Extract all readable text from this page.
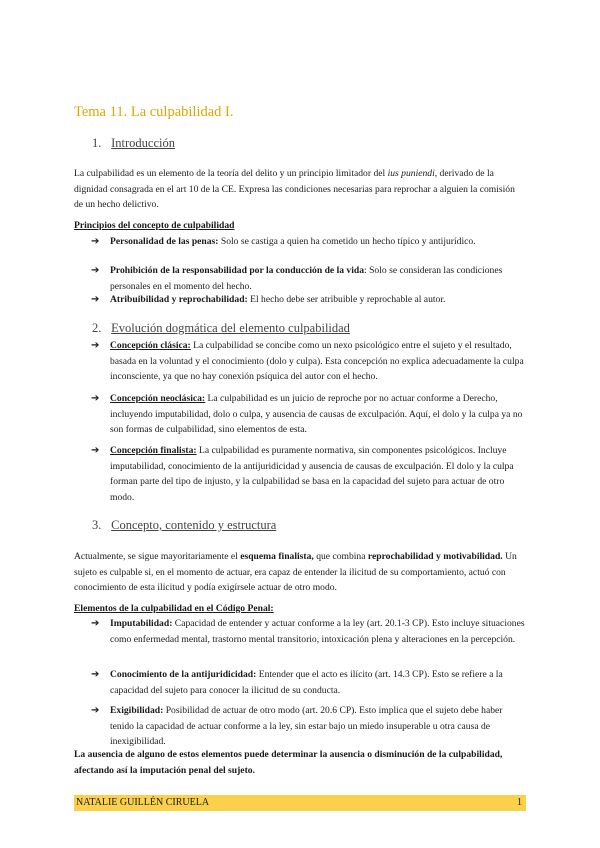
Tema 11. La culpabilidad I.
1. Introducción

La culpabilidad es un elemento de la teoría del delito y un principio limitador del ius puniendi, derivado de la dignidad consagrada en el art 10 de la CE. Expresa las condiciones necesarias para reprochar a alguien la comisión de un hecho delictivo.

Principios del concepto de culpabilidad

➔ Personalidad de las penas: Solo se castiga a quien ha cometido un hecho típico y antijurídico.
➔ Prohibición de la responsabilidad por la conducción de la vida: Solo se consideran las condiciones personales en el momento del hecho.
➔ Atribuibilidad y reprochabilidad: El hecho debe ser atribuible y reprochable al autor.
2. Evolución dogmática del elemento culpabilidad
➔ Concepción clásica: La culpabilidad se concibe como un nexo psicológico entre el sujeto y el resultado, basada en la voluntad y el conocimiento (dolo y culpa). Esta concepción no explica adecuadamente la culpa inconsciente, ya que no hay conexión psíquica del autor con el hecho.
➔ Concepción neoclásica: La culpabilidad es un juicio de reproche por no actuar conforme a Derecho, incluyendo imputabilidad, dolo o culpa, y ausencia de causas de exculpación. Aquí, el dolo y la culpa ya no son formas de culpabilidad, sino elementos de esta.
➔ Concepción finalista: La culpabilidad es puramente normativa, sin componentes psicológicos. Incluye imputabilidad, conocimiento de la antijuridicidad y ausencia de causas de exculpación. El dolo y la culpa forman parte del tipo de injusto, y la culpabilidad se basa en la capacidad del sujeto para actuar de otro modo.
3. Concepto, contenido y estructura

Actualmente, se sigue mayoritariamente el esquema finalista, que combina reprochabilidad y motivabilidad. Un sujeto es culpable si, en el momento de actuar, era capaz de entender la ilicitud de su comportamiento, actuó con conocimiento de esta ilicitud y podía exigírsele actuar de otro modo.

Elementos de la culpabilidad en el Código Penal:

➔ Imputabilidad: Capacidad de entender y actuar conforme a la ley (art. 20.1-3 CP). Esto incluye situaciones como enfermedad mental, trastorno mental transitorio, intoxicación plena y alteraciones en la percepción.
➔ Conocimiento de la antijuridicidad: Entender que el acto es ilícito (art. 14.3 CP). Esto se refiere a la capacidad del sujeto para conocer la ilicitud de su conducta.
➔ Exigibilidad: Posibilidad de actuar de otro modo (art. 20.6 CP). Esto implica que el sujeto debe haber tenido la capacidad de actuar conforme a la ley, sin estar bajo un miedo insuperable u otra causa de inexigibilidad.

La ausencia de alguno de estos elementos puede determinar la ausencia o disminución de la culpabilidad, afectando así la imputación penal del sujeto.

NATALIE GUILLÉN CIRUELA	1
